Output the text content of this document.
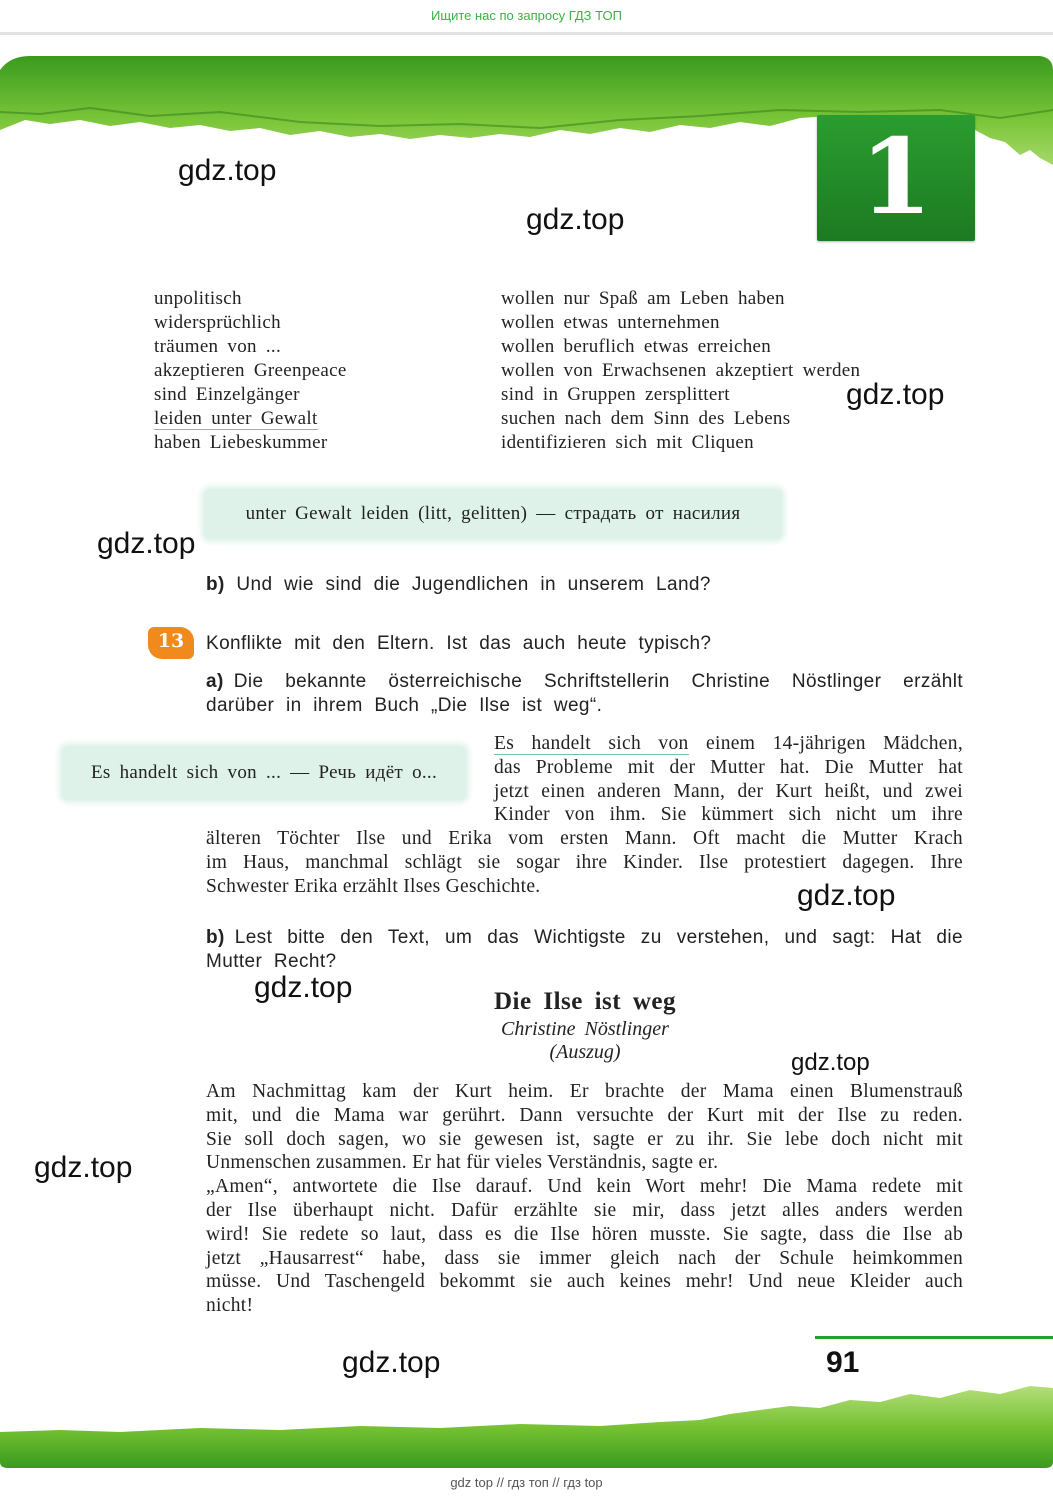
Ищите нас по запросу ГДЗ ТОП
1
gdz.top
gdz.top
gdz.top
gdz.top
gdz.top
gdz.top
gdz.top
gdz.top
gdz.top
unpolitisch
widersprüchlich
träumen von ...
akzeptieren Greenpeace
sind Einzelgänger
leiden unter Gewalt
haben Liebeskummer
wollen nur Spaß am Leben haben
wollen etwas unternehmen
wollen beruflich etwas erreichen
wollen von Erwachsenen akzeptiert werden
sind in Gruppen zersplittert
suchen nach dem Sinn des Lebens
identifizieren sich mit Cliquen
unter Gewalt leiden (litt, gelitten) — страдать от насилия
b) Und wie sind die Jugendlichen in unserem Land?
13	Konflikte mit den Eltern. Ist das auch heute typisch?
a) Die bekannte österreichische Schriftstellerin Christine Nöstlinger erzählt
darüber in ihrem Buch „Die Ilse ist weg“.
Es handelt sich von ... — Речь идёт о...
Es handelt sich von einem 14-jährigen Mädchen,
das Probleme mit der Mutter hat. Die Mutter hat
jetzt einen anderen Mann, der Kurt heißt, und zwei
Kinder von ihm. Sie kümmert sich nicht um ihre
älteren Töchter Ilse und Erika vom ersten Mann. Oft macht die Mutter Krach
im Haus, manchmal schlägt sie sogar ihre Kinder. Ilse protestiert dagegen. Ihre
Schwester Erika erzählt Ilses Geschichte.
b) Lest bitte den Text, um das Wichtigste zu verstehen, und sagt: Hat die
Mutter Recht?
Die Ilse ist weg
Christine Nöstlinger
(Auszug)
Am Nachmittag kam der Kurt heim. Er brachte der Mama einen Blumenstrauß
mit, und die Mama war gerührt. Dann versuchte der Kurt mit der Ilse zu reden.
Sie soll doch sagen, wo sie gewesen ist, sagte er zu ihr. Sie lebe doch nicht mit
Unmenschen zusammen. Er hat für vieles Verständnis, sagte er.
„Amen“, antwortete die Ilse darauf. Und kein Wort mehr! Die Mama redete mit
der Ilse überhaupt nicht. Dafür erzählte sie mir, dass jetzt alles anders werden
wird! Sie redete so laut, dass es die Ilse hören musste. Sie sagte, dass die Ilse ab
jetzt „Hausarrest“ habe, dass sie immer gleich nach der Schule heimkommen
müsse. Und Taschengeld bekommt sie auch keines mehr! Und neue Kleider auch
nicht!
91
gdz top // гдз топ // гдз top
